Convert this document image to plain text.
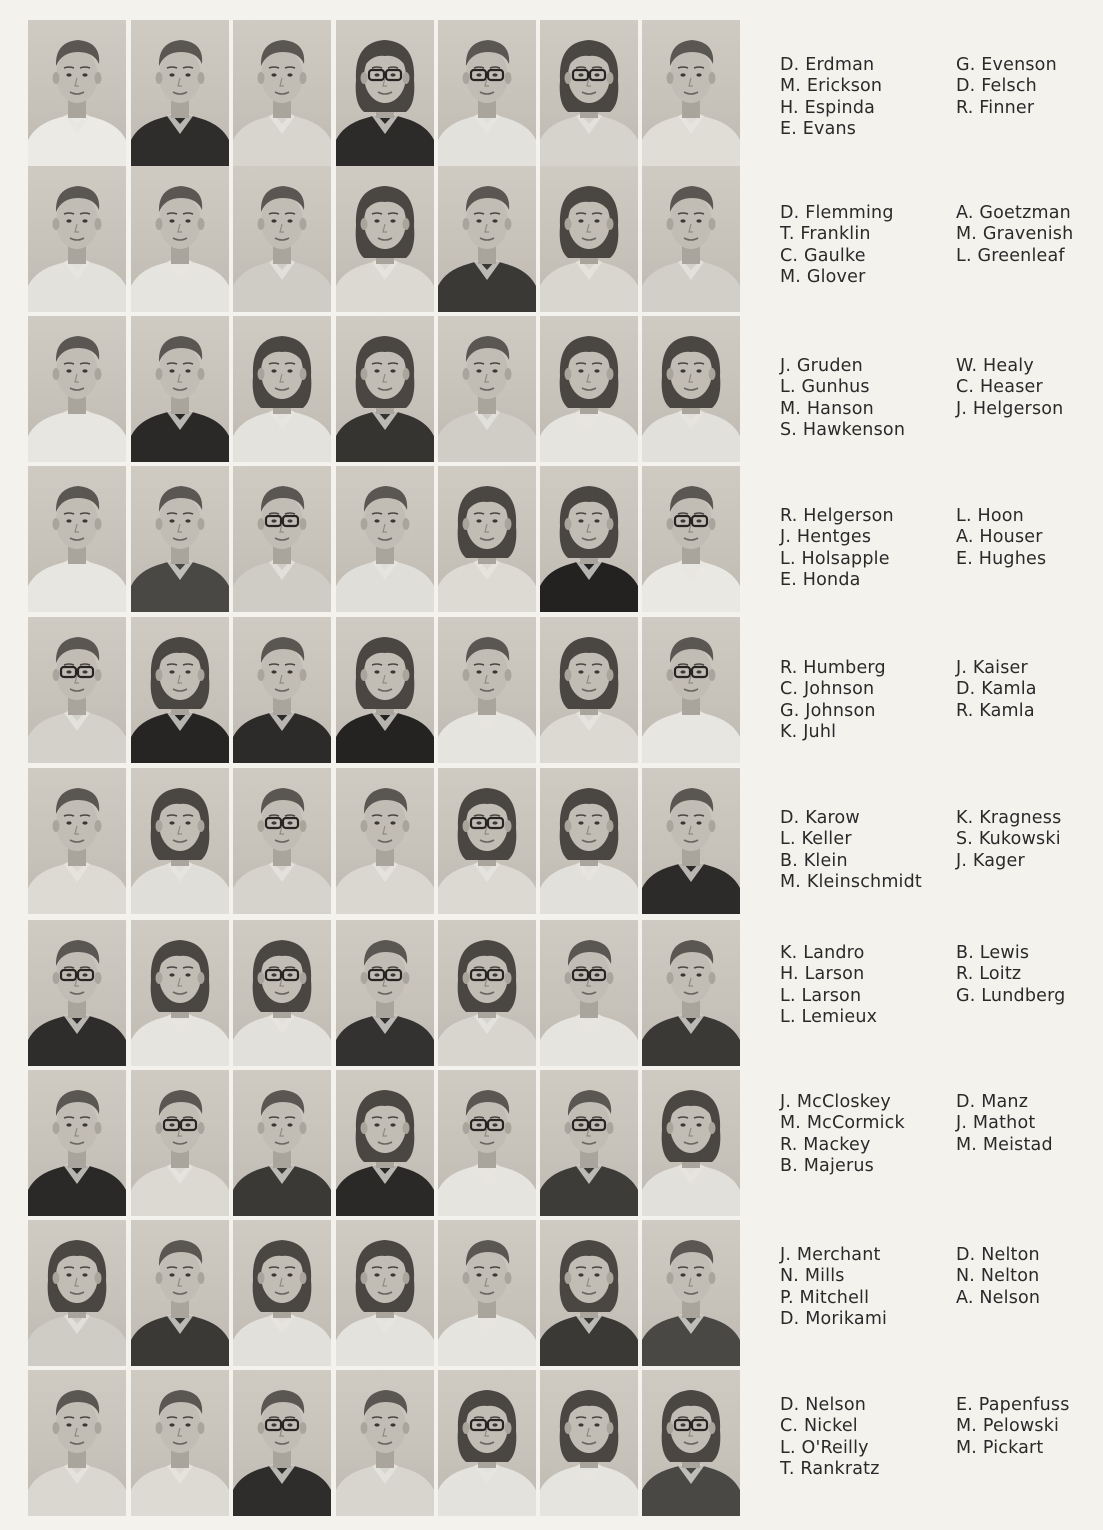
D. Erdman
M. Erickson
H. Espinda
E. Evans
G. Evenson
D. Felsch
R. Finner
D. Flemming
T. Franklin
C. Gaulke
M. Glover
A. Goetzman
M. Gravenish
L. Greenleaf
J. Gruden
L. Gunhus
M. Hanson
S. Hawkenson
W. Healy
C. Heaser
J. Helgerson
R. Helgerson
J. Hentges
L. Holsapple
E. Honda
L. Hoon
A. Houser
E. Hughes
R. Humberg
C. Johnson
G. Johnson
K. Juhl
J. Kaiser
D. Kamla
R. Kamla
D. Karow
L. Keller
B. Klein
M. Kleinschmidt
K. Kragness
S. Kukowski
J. Kager
K. Landro
H. Larson
L. Larson
L. Lemieux
B. Lewis
R. Loitz
G. Lundberg
J. McCloskey
M. McCormick
R. Mackey
B. Majerus
D. Manz
J. Mathot
M. Meistad
J. Merchant
N. Mills
P. Mitchell
D. Morikami
D. Nelton
N. Nelton
A. Nelson
D. Nelson
C. Nickel
L. O'Reilly
T. Rankratz
E. Papenfuss
M. Pelowski
M. Pickart
